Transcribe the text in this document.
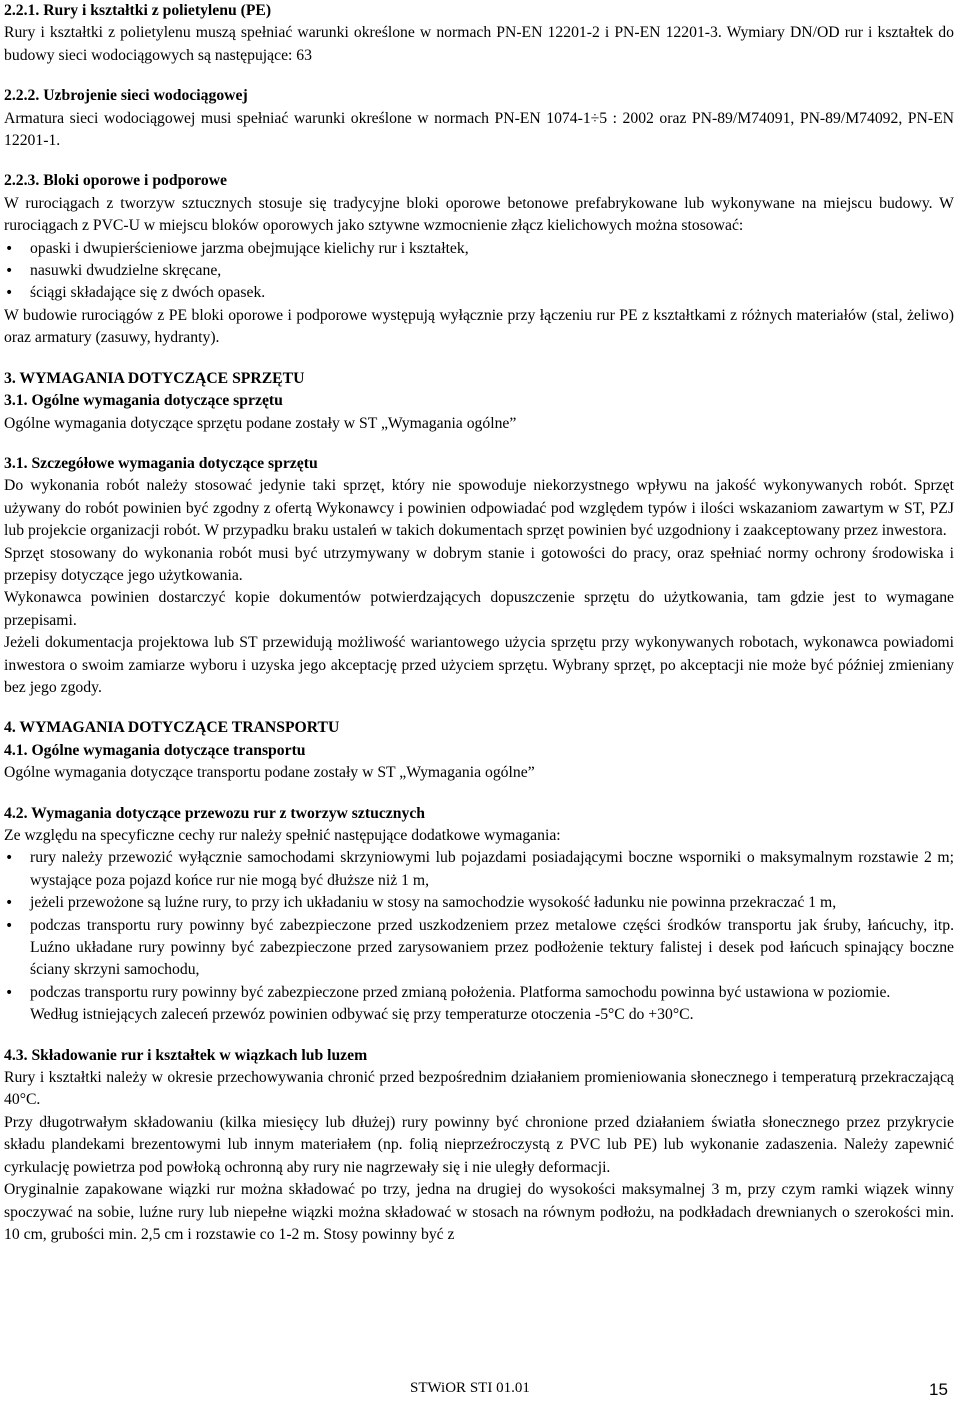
2.2.1. Rury i kształtki z polietylenu (PE)

Rury i kształtki z polietylenu muszą spełniać warunki określone w normach PN-EN 12201-2 i PN-EN 12201-3. Wymiary DN/OD rur i kształtek do budowy sieci wodociągowych są następujące: 63

2.2.2. Uzbrojenie sieci wodociągowej

Armatura sieci wodociągowej musi spełniać warunki określone w normach PN-EN 1074-1÷5 : 2002 oraz PN-89/M74091, PN-89/M74092, PN-EN 12201-1.

2.2.3. Bloki oporowe i podporowe

W rurociągach z tworzyw sztucznych stosuje się tradycyjne bloki oporowe betonowe prefabrykowane lub wykonywane na miejscu budowy. W rurociągach z PVC-U w miejscu bloków oporowych jako sztywne wzmocnienie złącz kielichowych można stosować:

• opaski i dwupierścieniowe jarzma obejmujące kielichy rur i kształtek,
• nasuwki dwudzielne skręcane,
• ściągi składające się z dwóch opasek.

W budowie rurociągów z PE bloki oporowe i podporowe występują wyłącznie przy łączeniu rur PE z kształtkami z różnych materiałów (stal, żeliwo) oraz armatury (zasuwy, hydranty).

3. WYMAGANIA DOTYCZĄCE SPRZĘTU
3.1. Ogólne wymagania dotyczące sprzętu

Ogólne wymagania dotyczące sprzętu podane zostały w ST „Wymagania ogólne”

3.1. Szczegółowe wymagania dotyczące sprzętu

Do wykonania robót należy stosować jedynie taki sprzęt, który nie spowoduje niekorzystnego wpływu na jakość wykonywanych robót. Sprzęt używany do robót powinien być zgodny z ofertą Wykonawcy i powinien odpowiadać pod względem typów i ilości wskazaniom zawartym w ST, PZJ lub projekcie organizacji robót. W przypadku braku ustaleń w takich dokumentach sprzęt powinien być uzgodniony i zaakceptowany przez inwestora.

Sprzęt stosowany do wykonania robót musi być utrzymywany w dobrym stanie i gotowości do pracy, oraz spełniać normy ochrony środowiska i przepisy dotyczące jego użytkowania.

Wykonawca powinien dostarczyć kopie dokumentów potwierdzających dopuszczenie sprzętu do użytkowania, tam gdzie jest to wymagane przepisami.

Jeżeli dokumentacja projektowa lub ST przewidują możliwość wariantowego użycia sprzętu przy wykonywanych robotach, wykonawca powiadomi inwestora o swoim zamiarze wyboru i uzyska jego akceptację przed użyciem sprzętu. Wybrany sprzęt, po akceptacji nie może być później zmieniany bez jego zgody.

4. WYMAGANIA DOTYCZĄCE TRANSPORTU
4.1. Ogólne wymagania dotyczące transportu

Ogólne wymagania dotyczące transportu podane zostały w ST „Wymagania ogólne”

4.2. Wymagania dotyczące przewozu rur z tworzyw sztucznych

Ze względu na specyficzne cechy rur należy spełnić następujące dodatkowe wymagania:

• rury należy przewozić wyłącznie samochodami skrzyniowymi lub pojazdami posiadającymi boczne wsporniki o maksymalnym rozstawie 2 m; wystające poza pojazd końce rur nie mogą być dłuższe niż 1 m,
• jeżeli przewożone są luźne rury, to przy ich układaniu w stosy na samochodzie wysokość ładunku nie powinna przekraczać 1 m,
• podczas transportu rury powinny być zabezpieczone przed uszkodzeniem przez metalowe części środków transportu jak śruby, łańcuchy, itp. Luźno układane rury powinny być zabezpieczone przed zarysowaniem przez podłożenie tektury falistej i desek pod łańcuch spinający boczne ściany skrzyni samochodu,
• podczas transportu rury powinny być zabezpieczone przed zmianą położenia. Platforma samochodu powinna być ustawiona w poziomie.

Według istniejących zaleceń przewóz powinien odbywać się przy temperaturze otoczenia -5°C do +30°C.

4.3. Składowanie rur i kształtek w wiązkach lub luzem

Rury i kształtki należy w okresie przechowywania chronić przed bezpośrednim działaniem promieniowania słonecznego i temperaturą przekraczającą 40°C.

Przy długotrwałym składowaniu (kilka miesięcy lub dłużej) rury powinny być chronione przed działaniem światła słonecznego przez przykrycie składu plandekami brezentowymi lub innym materiałem (np. folią nieprzeźroczystą z PVC lub PE) lub wykonanie zadaszenia. Należy zapewnić cyrkulację powietrza pod powłoką ochronną aby rury nie nagrzewały się i nie uległy deformacji.

Oryginalnie zapakowane wiązki rur można składować po trzy, jedna na drugiej do wysokości maksymalnej 3 m, przy czym ramki wiązek winny spoczywać na sobie, luźne rury lub niepełne wiązki można składować w stosach na równym podłożu, na podkładach drewnianych o szerokości min. 10 cm, grubości min. 2,5 cm i rozstawie co 1-2 m. Stosy powinny być z

STWiOR STI 01.01	15
